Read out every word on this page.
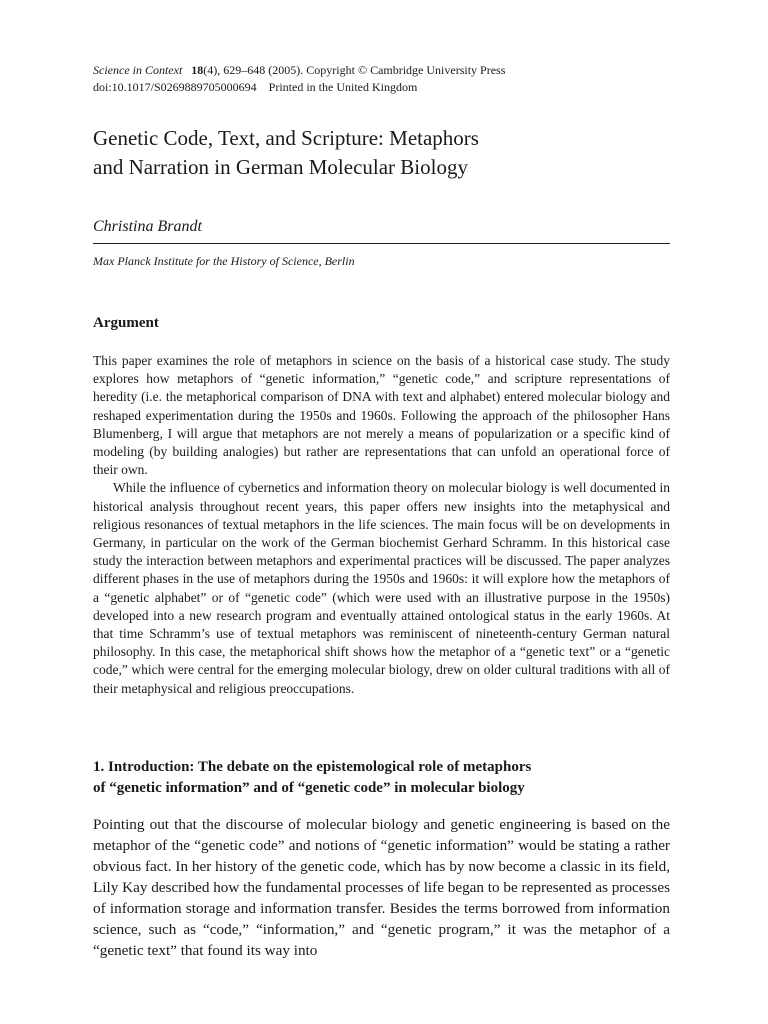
Science in Context 18(4), 629–648 (2005). Copyright © Cambridge University Press
doi:10.1017/S0269889705000694    Printed in the United Kingdom
Genetic Code, Text, and Scripture: Metaphors
and Narration in German Molecular Biology
Christina Brandt
Max Planck Institute for the History of Science, Berlin
Argument

This paper examines the role of metaphors in science on the basis of a historical case study. The study explores how metaphors of “genetic information,” “genetic code,” and scripture representations of heredity (i.e. the metaphorical comparison of DNA with text and alphabet) entered molecular biology and reshaped experimentation during the 1950s and 1960s. Following the approach of the philosopher Hans Blumenberg, I will argue that metaphors are not merely a means of popularization or a specific kind of modeling (by building analogies) but rather are representations that can unfold an operational force of their own.

While the influence of cybernetics and information theory on molecular biology is well documented in historical analysis throughout recent years, this paper offers new insights into the metaphysical and religious resonances of textual metaphors in the life sciences. The main focus will be on developments in Germany, in particular on the work of the German biochemist Gerhard Schramm. In this historical case study the interaction between metaphors and experimental practices will be discussed. The paper analyzes different phases in the use of metaphors during the 1950s and 1960s: it will explore how the metaphors of a “genetic alphabet” or of “genetic code” (which were used with an illustrative purpose in the 1950s) developed into a new research program and eventually attained ontological status in the early 1960s. At that time Schramm’s use of textual metaphors was reminiscent of nineteenth-century German natural philosophy. In this case, the metaphorical shift shows how the metaphor of a “genetic text” or a “genetic code,” which were central for the emerging molecular biology, drew on older cultural traditions with all of their metaphysical and religious preoccupations.

1. Introduction: The debate on the epistemological role of metaphors
of “genetic information” and of “genetic code” in molecular biology

Pointing out that the discourse of molecular biology and genetic engineering is based on the metaphor of the “genetic code” and notions of “genetic information” would be stating a rather obvious fact. In her history of the genetic code, which has by now become a classic in its field, Lily Kay described how the fundamental processes of life began to be represented as processes of information storage and information transfer. Besides the terms borrowed from information science, such as “code,” “information,” and “genetic program,” it was the metaphor of a “genetic text” that found its way into
